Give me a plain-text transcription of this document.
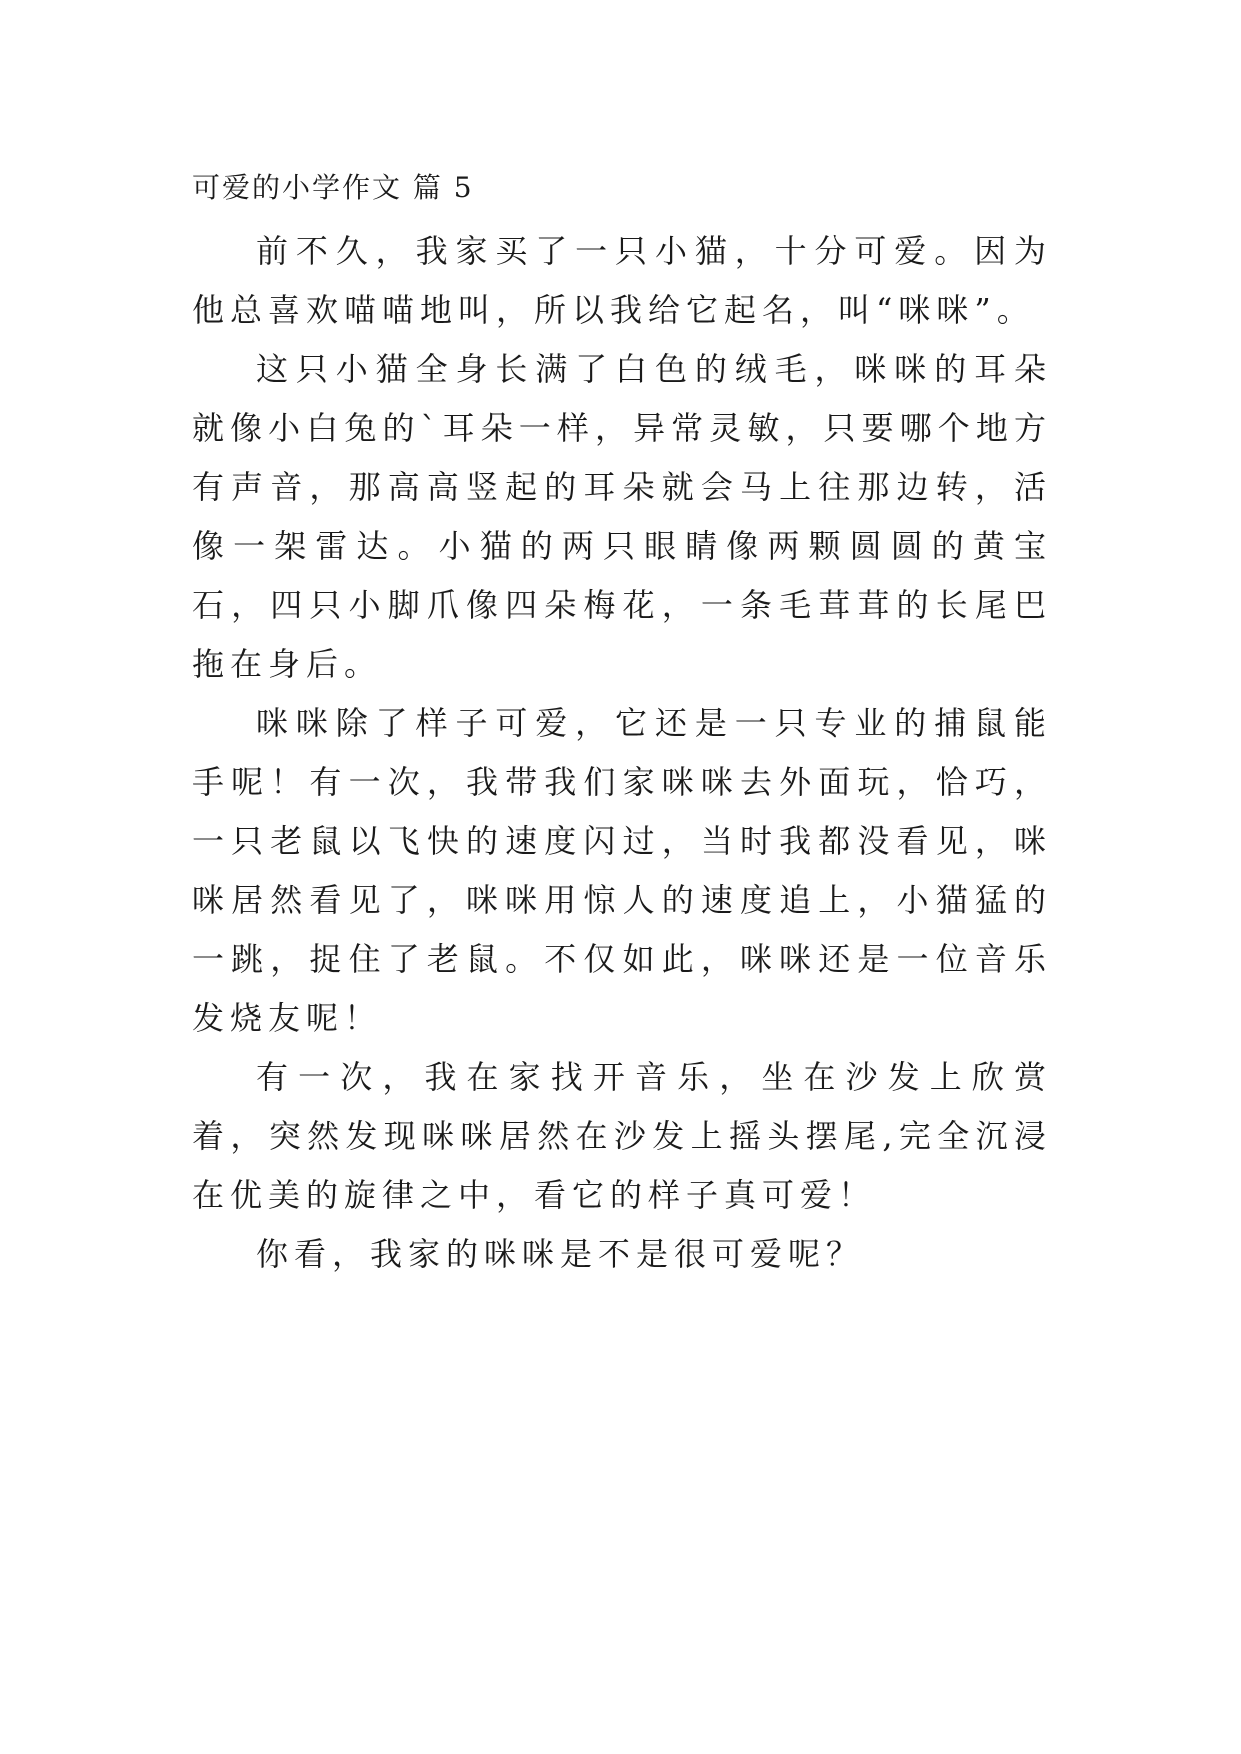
可爱的小学作文 篇 5

前不久，我家买了一只小猫，十分可爱。因为他总喜欢喵喵地叫，所以我给它起名，叫“咪咪”。

这只小猫全身长满了白色的绒毛，咪咪的耳朵就像小白兔的`耳朵一样，异常灵敏，只要哪个地方有声音，那高高竖起的耳朵就会马上往那边转，活像一架雷达。小猫的两只眼睛像两颗圆圆的黄宝石，四只小脚爪像四朵梅花，一条毛茸茸的长尾巴拖在身后。

咪咪除了样子可爱，它还是一只专业的捕鼠能手呢！有一次，我带我们家咪咪去外面玩，恰巧，一只老鼠以飞快的速度闪过，当时我都没看见，咪咪居然看见了，咪咪用惊人的速度追上，小猫猛的一跳，捉住了老鼠。不仅如此，咪咪还是一位音乐发烧友呢！

有一次，我在家找开音乐，坐在沙发上欣赏着，突然发现咪咪居然在沙发上摇头摆尾,完全沉浸在优美的旋律之中，看它的样子真可爱！

你看，我家的咪咪是不是很可爱呢？
